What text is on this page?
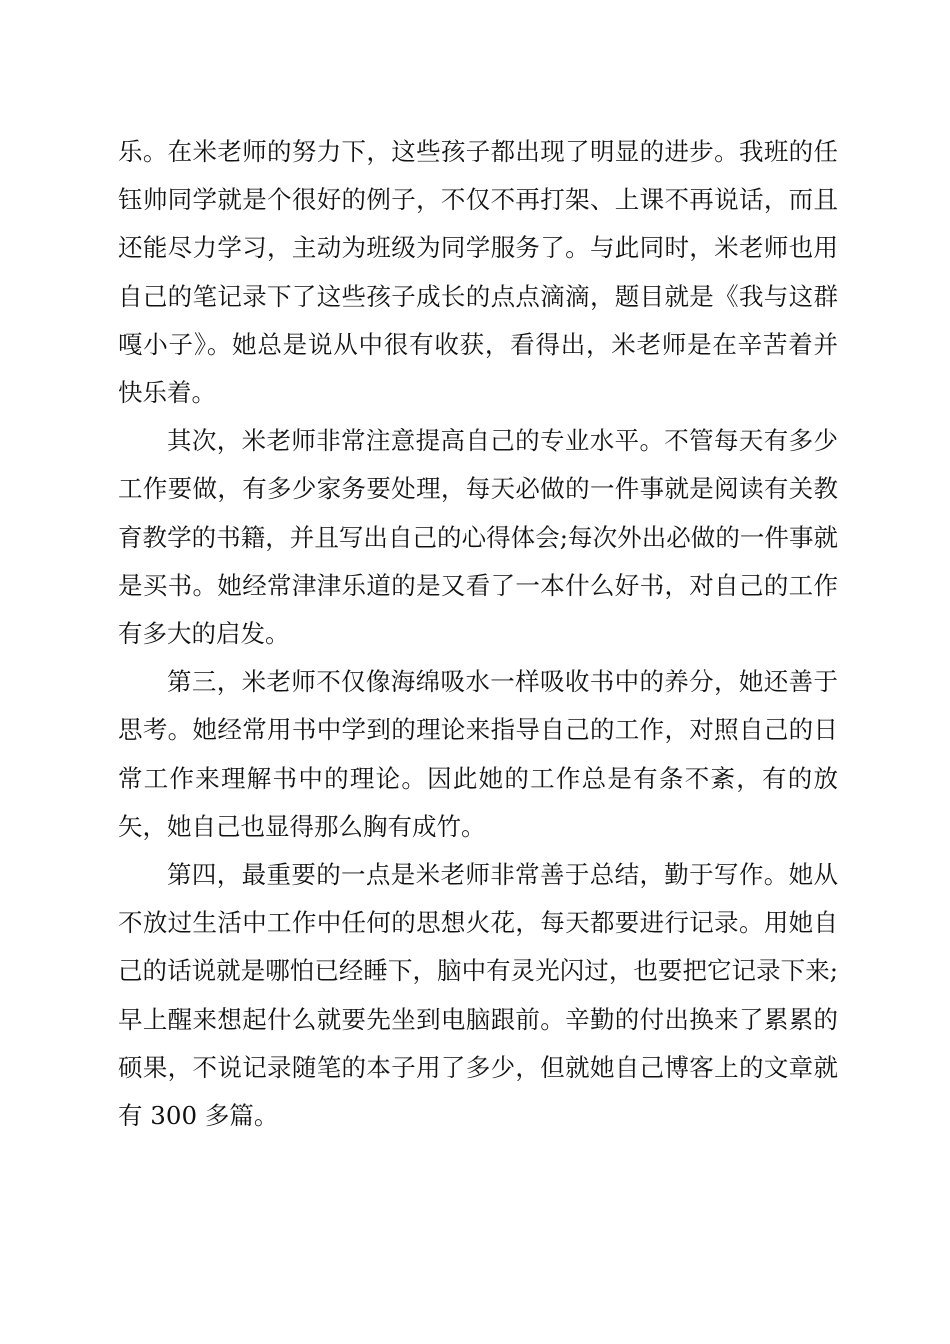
乐。在米老师的努力下，这些孩子都出现了明显的进步。我班的任钰帅同学就是个很好的例子，不仅不再打架、上课不再说话，而且还能尽力学习，主动为班级为同学服务了。与此同时，米老师也用自己的笔记录下了这些孩子成长的点点滴滴，题目就是《我与这群嘎小子》。她总是说从中很有收获，看得出，米老师是在辛苦着并快乐着。

其次，米老师非常注意提高自己的专业水平。不管每天有多少工作要做，有多少家务要处理，每天必做的一件事就是阅读有关教育教学的书籍，并且写出自己的心得体会;每次外出必做的一件事就是买书。她经常津津乐道的是又看了一本什么好书，对自己的工作有多大的启发。

第三，米老师不仅像海绵吸水一样吸收书中的养分，她还善于思考。她经常用书中学到的理论来指导自己的工作，对照自己的日常工作来理解书中的理论。因此她的工作总是有条不紊，有的放矢，她自己也显得那么胸有成竹。

第四，最重要的一点是米老师非常善于总结，勤于写作。她从不放过生活中工作中任何的思想火花，每天都要进行记录。用她自己的话说就是哪怕已经睡下，脑中有灵光闪过，也要把它记录下来;早上醒来想起什么就要先坐到电脑跟前。辛勤的付出换来了累累的硕果，不说记录随笔的本子用了多少，但就她自己博客上的文章就有 300 多篇。
